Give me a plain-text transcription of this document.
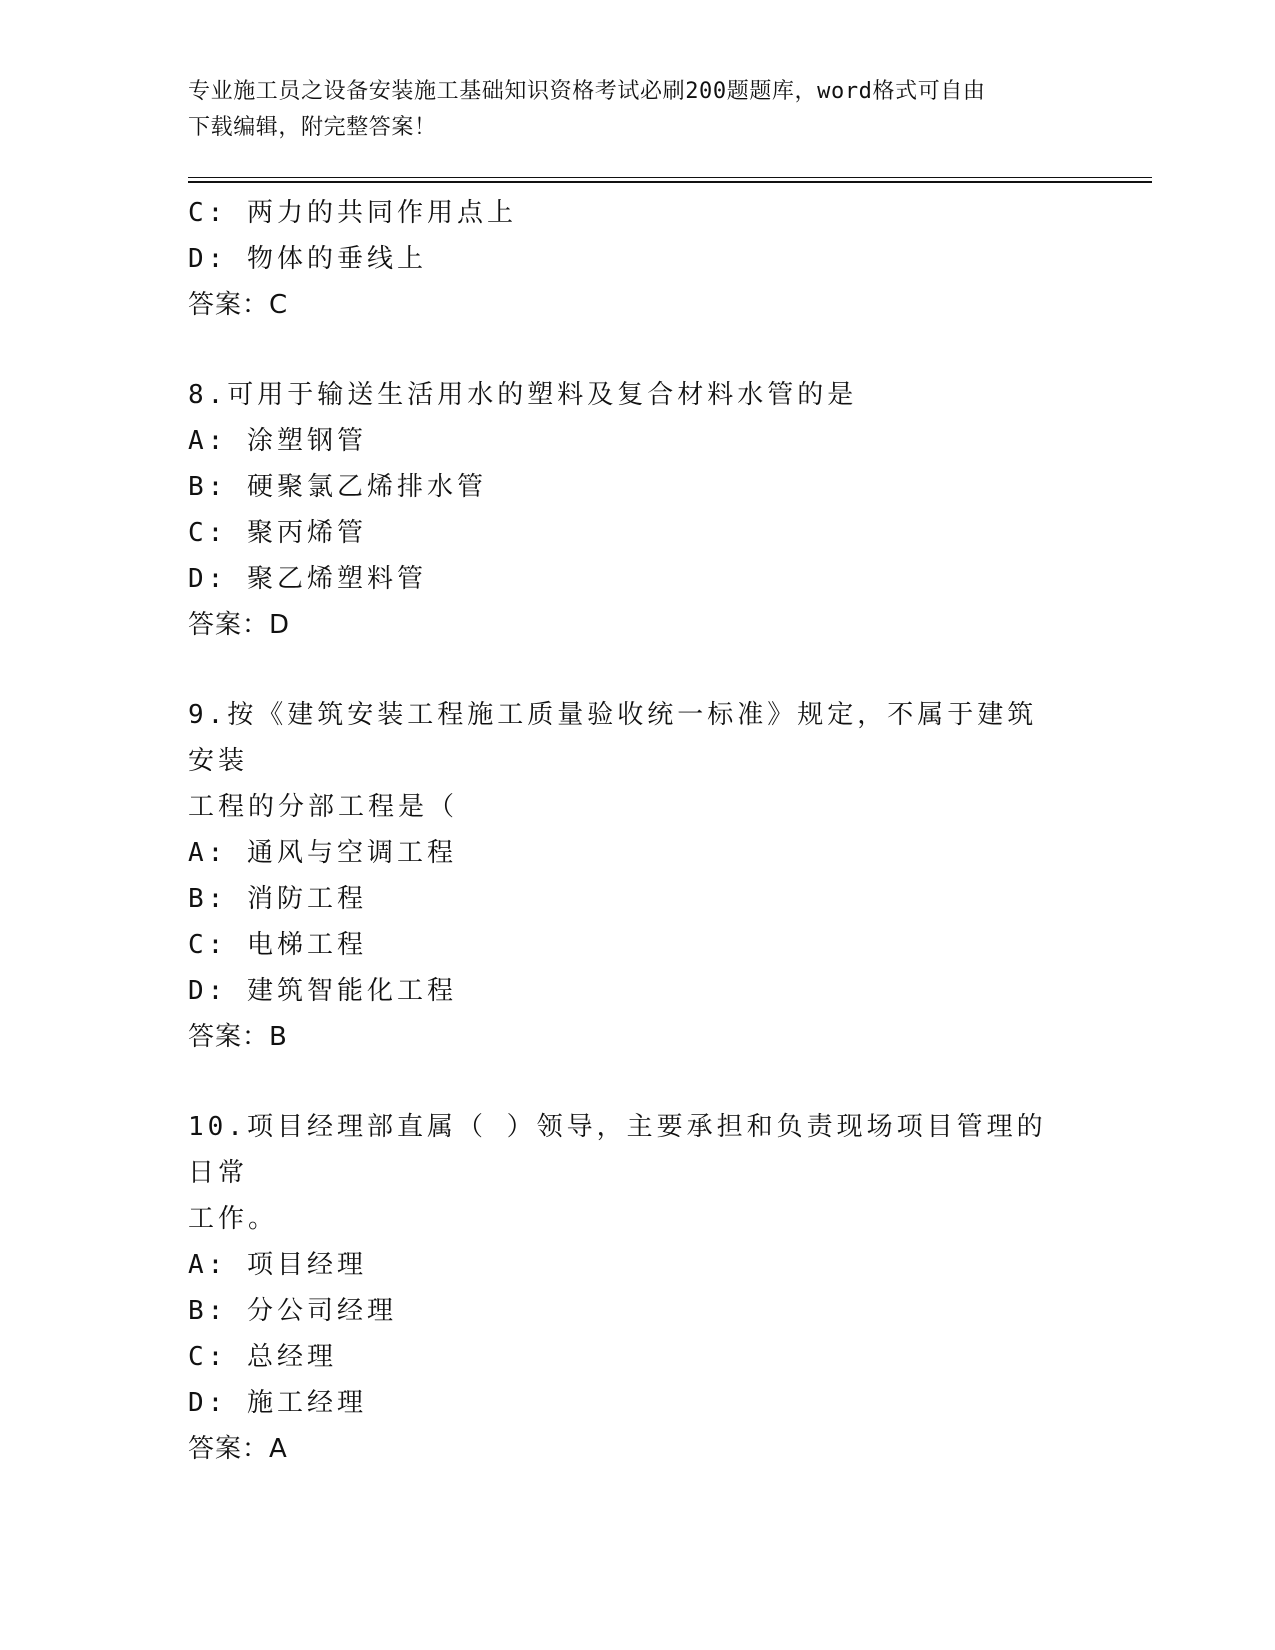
专业施工员之设备安装施工基础知识资格考试必刷200题题库，word格式可自由
下载编辑，附完整答案！
C: 两力的共同作用点上
D: 物体的垂线上
答案：C
8.可用于输送生活用水的塑料及复合材料水管的是
A: 涂塑钢管
B: 硬聚氯乙烯排水管
C: 聚丙烯管
D: 聚乙烯塑料管
答案：D
9.按《建筑安装工程施工质量验收统一标准》规定，不属于建筑安装
工程的分部工程是（
A: 通风与空调工程
B: 消防工程
C: 电梯工程
D: 建筑智能化工程
答案：B
10.项目经理部直属（ ）领导，主要承担和负责现场项目管理的日常
工作。
A: 项目经理
B: 分公司经理
C: 总经理
D: 施工经理
答案：A
